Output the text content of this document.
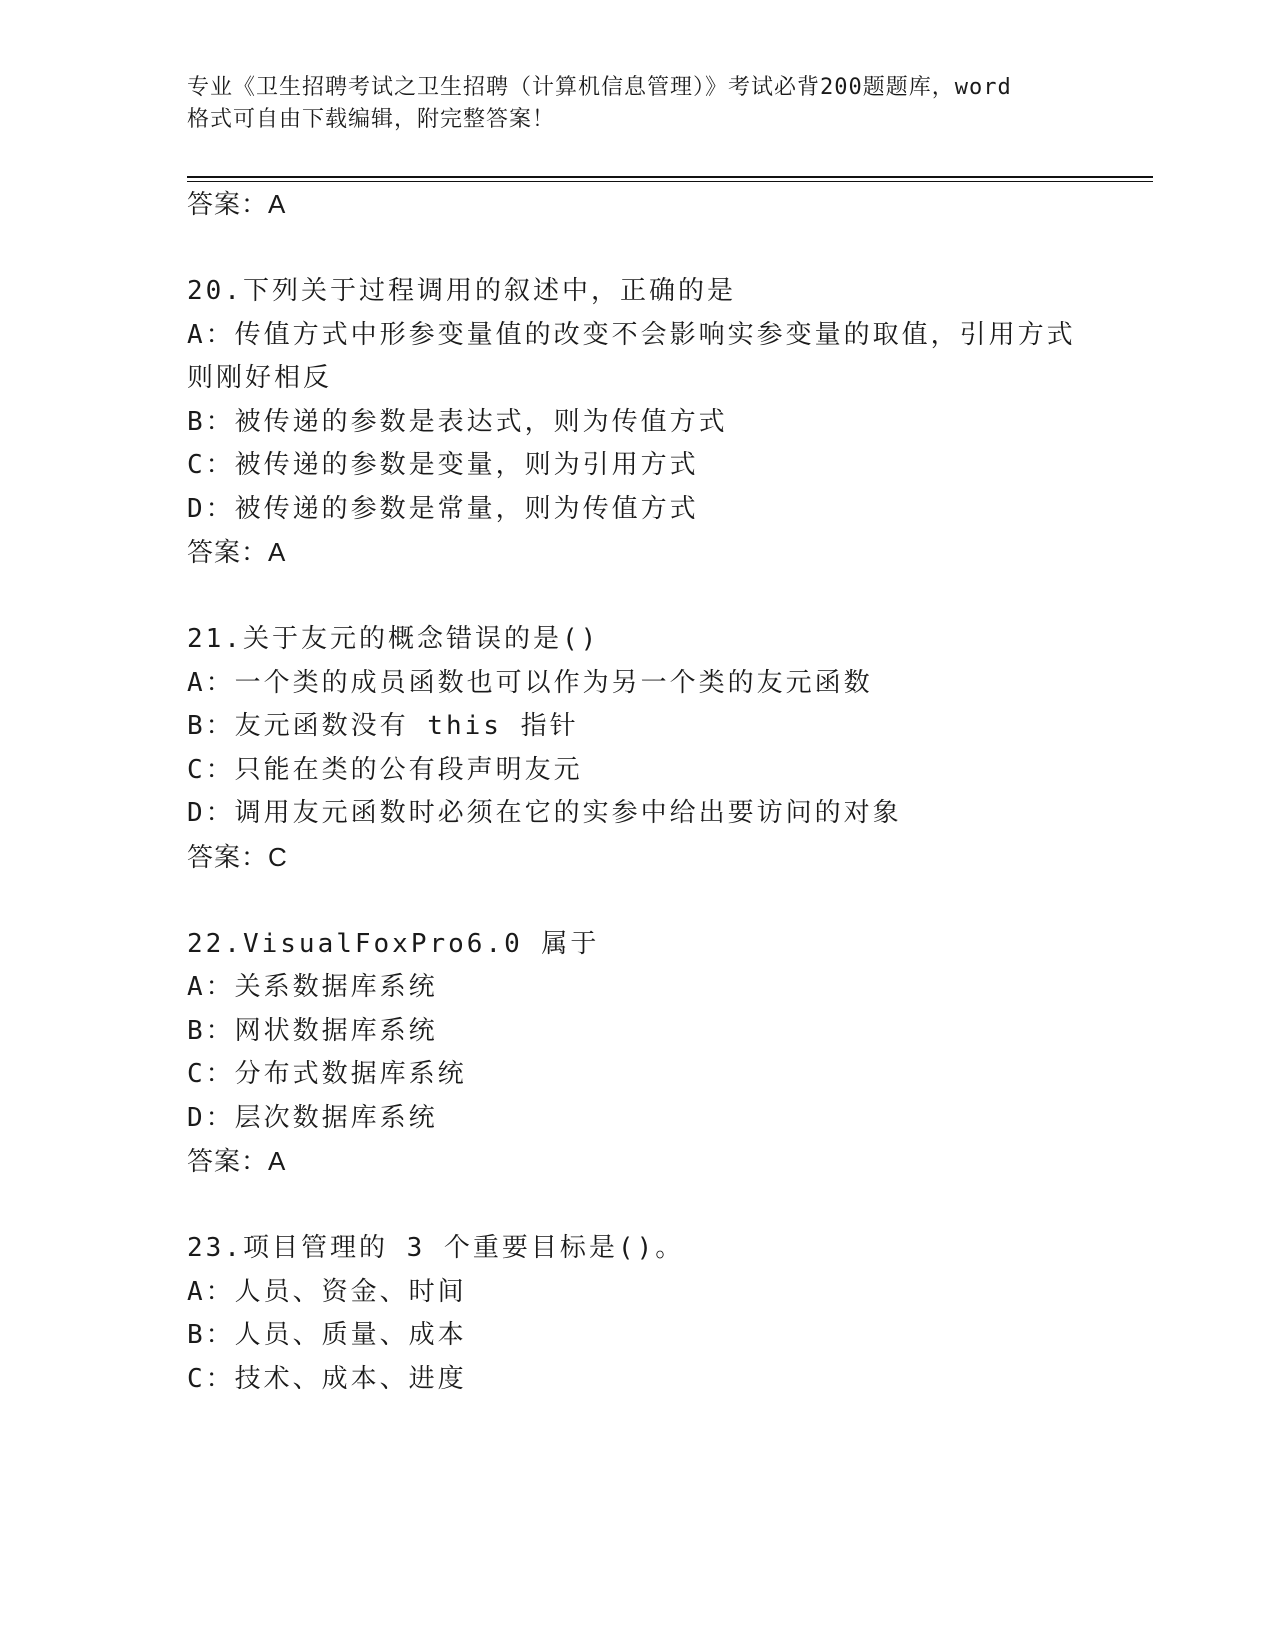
专业《卫生招聘考试之卫生招聘（计算机信息管理）》考试必背200题题库，word
格式可自由下载编辑，附完整答案！
答案：A
20.下列关于过程调用的叙述中，正确的是
A：传值方式中形参变量值的改变不会影响实参变量的取值，引用方式
则刚好相反
B：被传递的参数是表达式，则为传值方式
C：被传递的参数是变量，则为引用方式
D：被传递的参数是常量，则为传值方式
答案：A
21.关于友元的概念错误的是()
A：一个类的成员函数也可以作为另一个类的友元函数
B：友元函数没有 this 指针
C：只能在类的公有段声明友元
D：调用友元函数时必须在它的实参中给出要访问的对象
答案：C
22.VisualFoxPro6.0 属于
A：关系数据库系统
B：网状数据库系统
C：分布式数据库系统
D：层次数据库系统
答案：A
23.项目管理的 3 个重要目标是()。
A：人员、资金、时间
B：人员、质量、成本
C：技术、成本、进度
